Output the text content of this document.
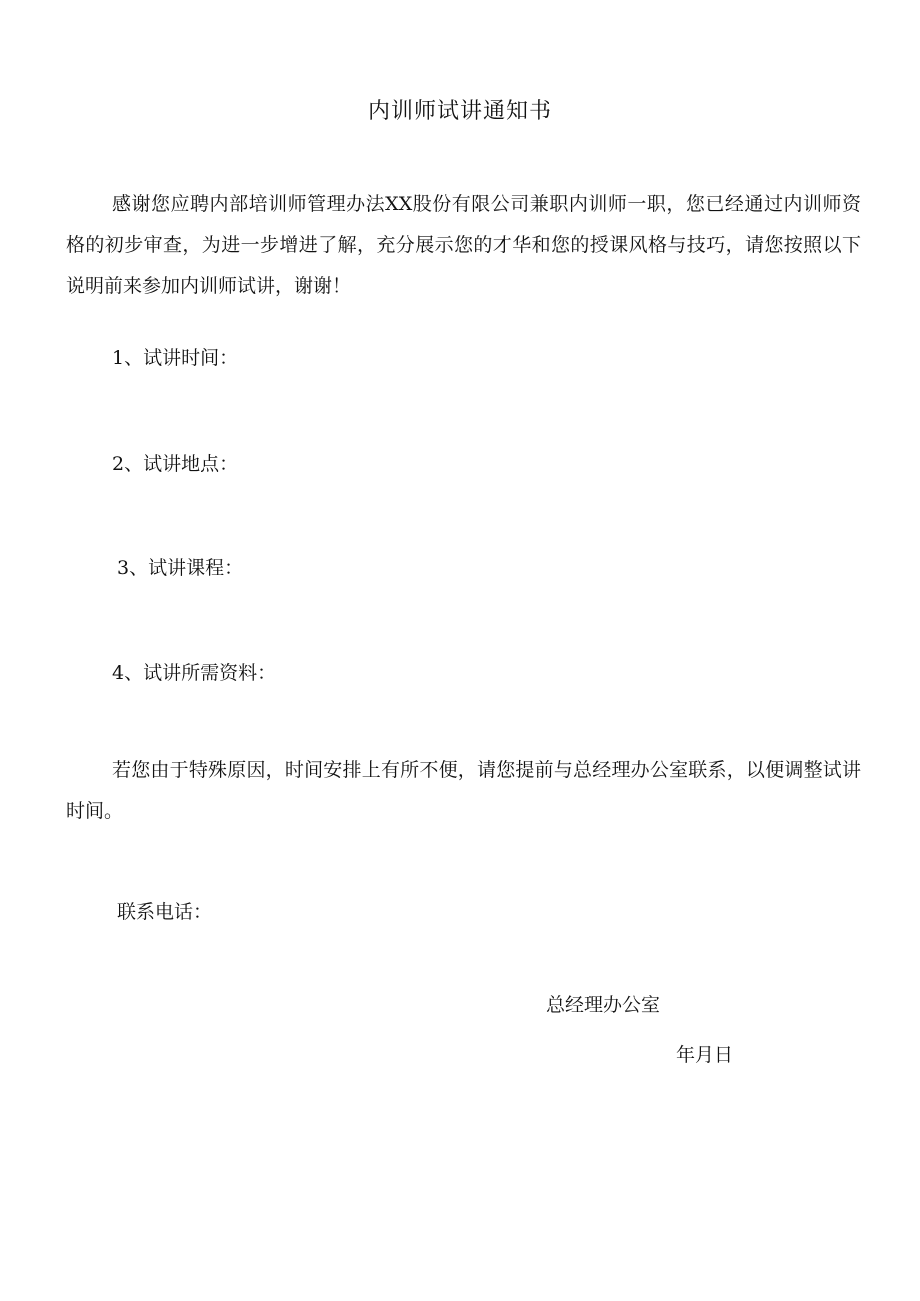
内训师试讲通知书

感谢您应聘内部培训师管理办法XX股份有限公司兼职内训师一职，您已经通过内训师资格的初步审查，为进一步增进了解，充分展示您的才华和您的授课风格与技巧，请您按照以下说明前来参加内训师试讲，谢谢！

1、试讲时间：
2、试讲地点：
3、试讲课程：
4、试讲所需资料：

若您由于特殊原因，时间安排上有所不便，请您提前与总经理办公室联系，以便调整试讲时间。

联系电话：
总经理办公室
年月日
